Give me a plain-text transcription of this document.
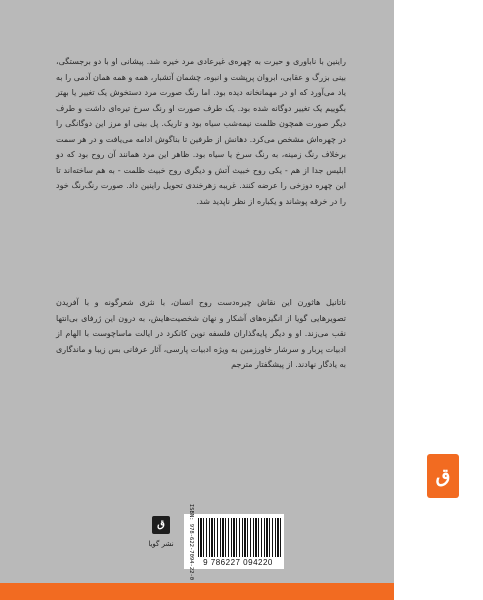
راینین با ناباوری و حیرت به چهره‌ی غیرعادی مرد خیره شد. پیشانی او با دو برجستگی، بینی بزرگ و عقابی، ابروان پرپشت و انبوه، چشمان آتشبار، همه و همه همان آدمی را به یاد می‌آورد که او در مهمانخانه دیده بود. اما رنگ صورت مرد دستخوش یک تغییر یا بهتر بگوییم یک تغییر دوگانه شده بود. یک طرف صورت او رنگ سرخ تیره‌ای داشت و طرف دیگر صورت همچون ظلمت نیمه‌شب سیاه بود و تاریک. پل بینی او مرز این دوگانگی را در چهره‌اش مشخص می‌کرد. دهانش از طرفین تا بناگوش ادامه می‌یافت و در هر سمت برخلاف رنگ زمینه، به رنگ سرخ یا سیاه بود. ظاهر این مرد همانند آن روح بود که دو ابلیس جدا از هم - یکی روح خبیث آتش و دیگری روح خبیث ظلمت - به هم ساخته‌اند تا این چهره دوزخی را عرضه کنند. غریبه زهرخندی تحویل راینین داد. صورت رنگ‌رنگ خود را در خرقه پوشاند و یکباره از نظر ناپدید شد.

ناتانیل هاثورن این نقاش چیره‌دست روح انسان، با نثری شعرگونه و با آفریدن تصویرهایی گویا از انگیزه‌های آشکار و نهان شخصیت‌هایش، به درون این ژرفای بی‌انتها نقب می‌زند. او و دیگر پایه‌گذاران فلسفه نوین کانکرد در ایالت ماساچوست با الهام از ادبیات پربار و سرشار خاورزمین به ویژه ادبیات پارسی، آثار عرفانی بس زیبا و ماندگاری به یادگار نهادند. از پیشگفتار مترجم

ق
ق
نشر گویا	ISBN: 978-622-7094-22-0	9 786227 094220
